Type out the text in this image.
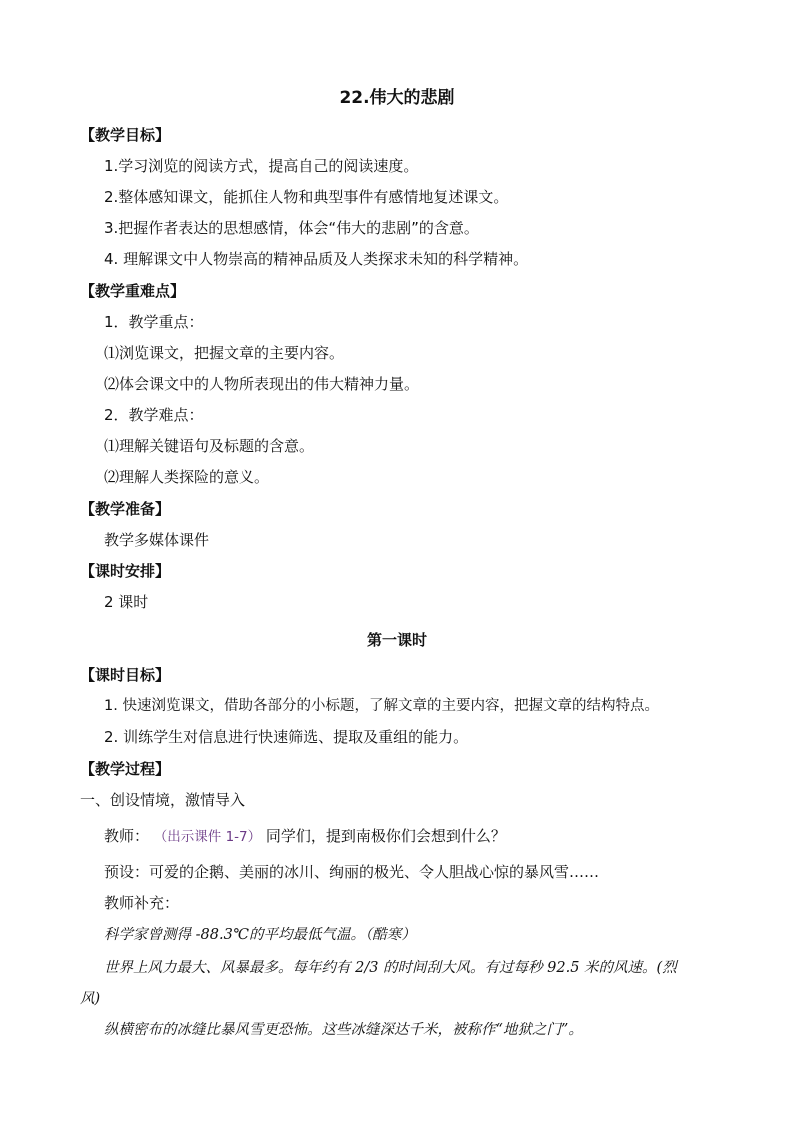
22.伟大的悲剧
【教学目标】
1.学习浏览的阅读方式，提高自己的阅读速度。
2.整体感知课文，能抓住人物和典型事件有感情地复述课文。
3.把握作者表达的思想感情，体会“伟大的悲剧”的含意。
4. 理解课文中人物崇高的精神品质及人类探求未知的科学精神。
【教学重难点】
1．教学重点：
⑴浏览课文，把握文章的主要内容。
⑵体会课文中的人物所表现出的伟大精神力量。
2．教学难点：
⑴理解关键语句及标题的含意。
⑵理解人类探险的意义。
【教学准备】
教学多媒体课件
【课时安排】
2 课时
第一课时
【课时目标】
1. 快速浏览课文，借助各部分的小标题，了解文章的主要内容，把握文章的结构特点。
2. 训练学生对信息进行快速筛选、提取及重组的能力。
【教学过程】
一、创设情境，激情导入
教师： （出示课件 1-7） 同学们，提到南极你们会想到什么？
预设：可爱的企鹅、美丽的冰川、绚丽的极光、令人胆战心惊的暴风雪……
教师补充：
科学家曾测得 -88.3℃的平均最低气温。（酷寒）
世界上风力最大、风暴最多。每年约有 2/3 的时间刮大风。有过每秒 92.5 米的风速。(烈
风)
纵横密布的冰缝比暴风雪更恐怖。这些冰缝深达千米，被称作“地狱之门”。
